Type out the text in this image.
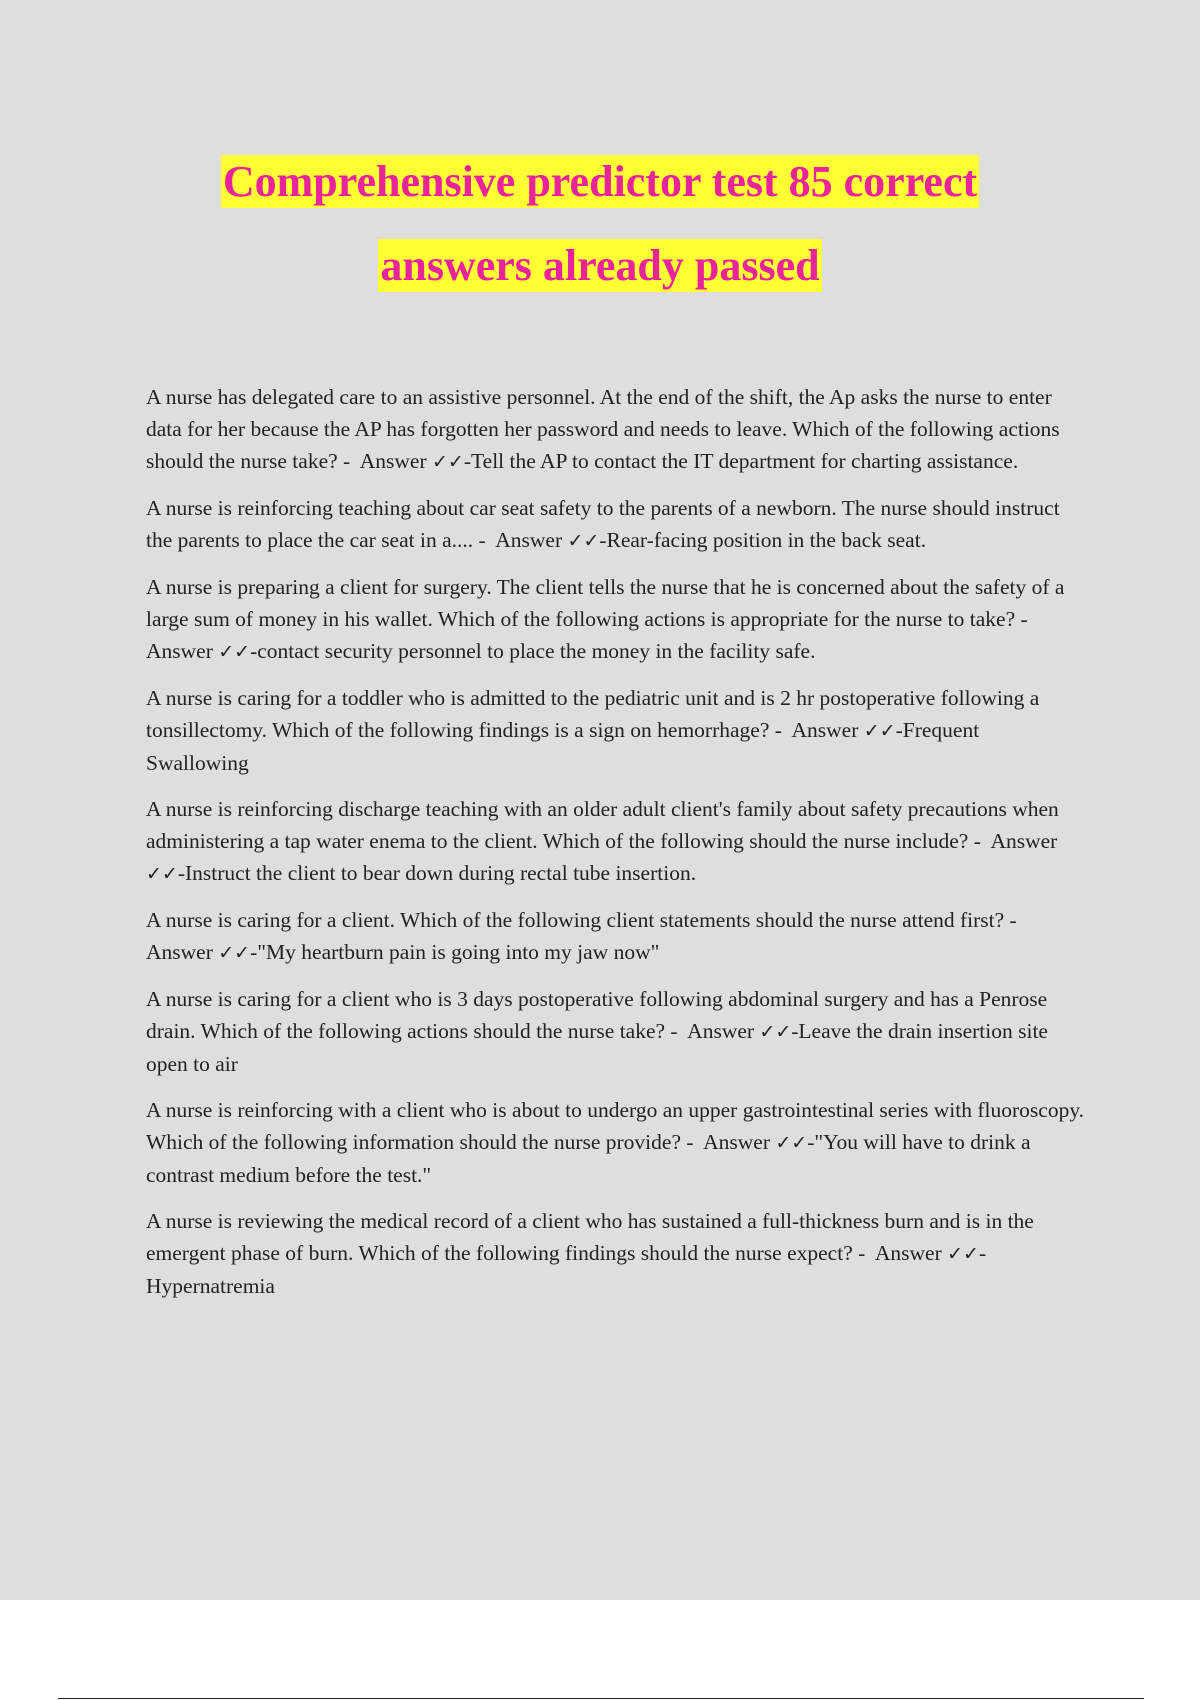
Comprehensive predictor test 85 correct
answers already passed

A nurse has delegated care to an assistive personnel. At the end of the shift, the Ap asks the nurse to enter data for her because the AP has forgotten her password and needs to leave. Which of the following actions should the nurse take? - Answer ✓✓-Tell the AP to contact the IT department for charting assistance.

A nurse is reinforcing teaching about car seat safety to the parents of a newborn. The nurse should instruct the parents to place the car seat in a.... - Answer ✓✓-Rear-facing position in the back seat.

A nurse is preparing a client for surgery. The client tells the nurse that he is concerned about the safety of a large sum of money in his wallet. Which of the following actions is appropriate for the nurse to take? -  Answer ✓✓-contact security personnel to place the money in the facility safe.

A nurse is caring for a toddler who is admitted to the pediatric unit and is 2 hr postoperative following a tonsillectomy. Which of the following findings is a sign on hemorrhage? - Answer ✓✓-Frequent Swallowing

A nurse is reinforcing discharge teaching with an older adult client's family about safety precautions when administering a tap water enema to the client. Which of the following should the nurse include? - Answer ✓✓-Instruct the client to bear down during rectal tube insertion.

A nurse is caring for a client. Which of the following client statements should the nurse attend first? -  Answer ✓✓-"My heartburn pain is going into my jaw now"

A nurse is caring for a client who is 3 days postoperative following abdominal surgery and has a Penrose drain. Which of the following actions should the nurse take? - Answer ✓✓-Leave the drain insertion site open to air

A nurse is reinforcing with a client who is about to undergo an upper gastrointestinal series with fluoroscopy. Which of the following information should the nurse provide? - Answer ✓✓-"You will have to drink a contrast medium before the test."

A nurse is reviewing the medical record of a client who has sustained a full-thickness burn and is in the emergent phase of burn. Which of the following findings should the nurse expect? - Answer ✓✓-Hypernatremia
